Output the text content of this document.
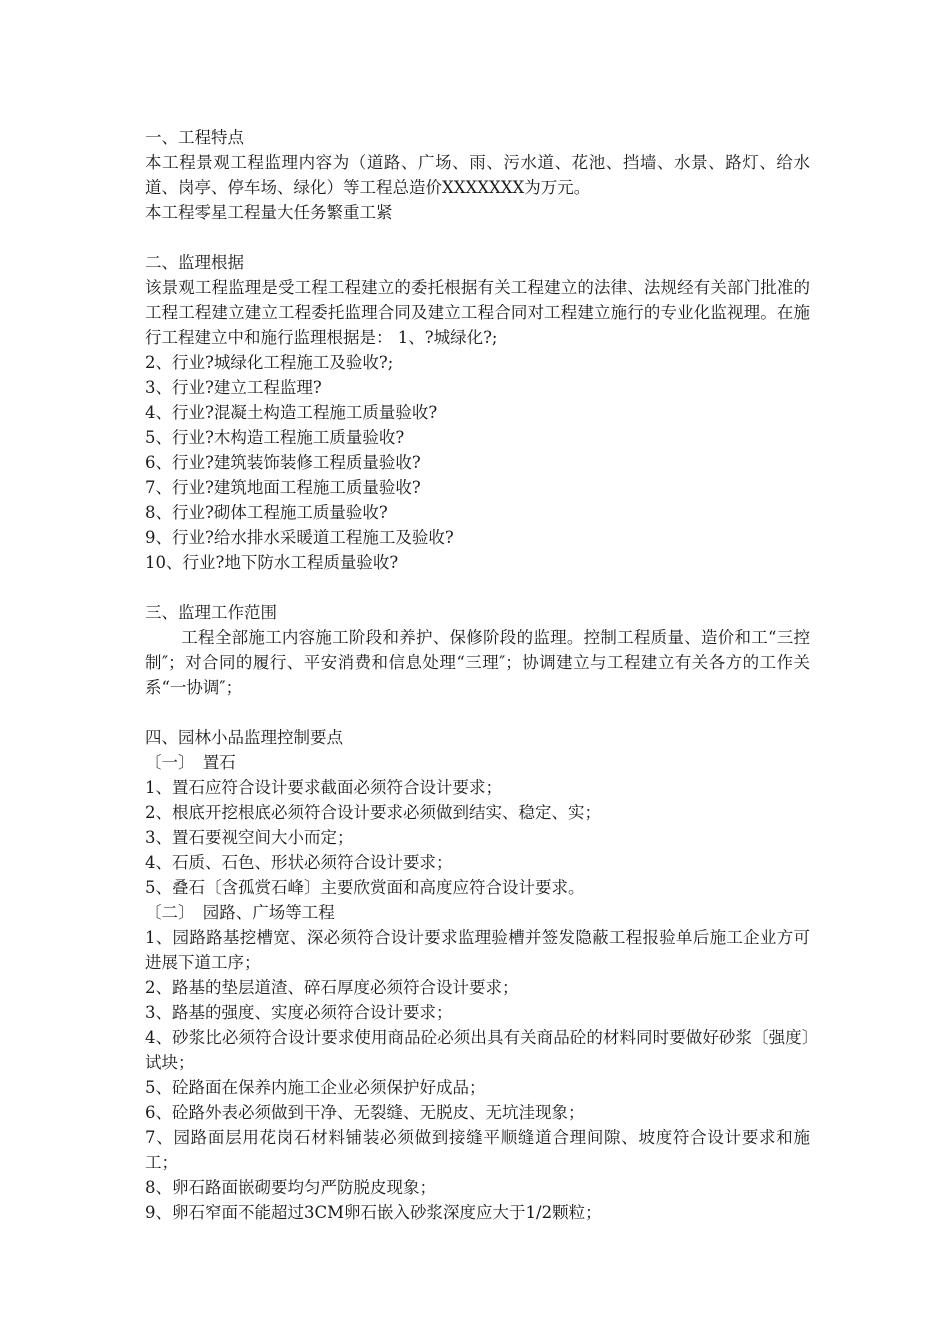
一、工程特点
本工程景观工程监理内容为（道路、广场、雨、污水道、花池、挡墙、水景、路灯、给水道、岗亭、停车场、绿化）等工程总造价XXXXXXX为万元。
本工程零星工程量大任务繁重工紧
二、监理根据
该景观工程监理是受工程工程建立的委托根据有关工程建立的法律、法规经有关部门批准的工程工程建立建立工程委托监理合同及建立工程合同对工程建立施行的专业化监视理。在施行工程建立中和施行监理根据是： 1、?城绿化?;
2、行业?城绿化工程施工及验收?;
3、行业?建立工程监理?
4、行业?混凝土构造工程施工质量验收?
5、行业?木构造工程施工质量验收?
6、行业?建筑装饰装修工程质量验收?
7、行业?建筑地面工程施工质量验收?
8、行业?砌体工程施工质量验收?
9、行业?给水排水采暖道工程施工及验收?
10、行业?地下防水工程质量验收?
三、监理工作范围
工程全部施工内容施工阶段和养护、保修阶段的监理。控制工程质量、造价和工“三控制″；对合同的履行、平安消费和信息处理“三理″；协调建立与工程建立有关各方的工作关系“一协调″；
四、园林小品监理控制要点
〔一〕　置石
1、置石应符合设计要求截面必须符合设计要求；
2、根底开挖根底必须符合设计要求必须做到结实、稳定、实；
3、置石要视空间大小而定；
4、石质、石色、形状必须符合设计要求；
5、叠石〔含孤赏石峰〕主要欣赏面和高度应符合设计要求。
〔二〕　园路、广场等工程
1、园路路基挖槽宽、深必须符合设计要求监理验槽并签发隐蔽工程报验单后施工企业方可进展下道工序；
2、路基的垫层道渣、碎石厚度必须符合设计要求；
3、路基的强度、实度必须符合设计要求；
4、砂浆比必须符合设计要求使用商品砼必须出具有关商品砼的材料同时要做好砂浆〔强度〕试块；
5、砼路面在保养内施工企业必须保护好成品；
6、砼路外表必须做到干净、无裂缝、无脱皮、无坑洼现象；
7、园路面层用花岗石材料铺装必须做到接缝平顺缝道合理间隙、坡度符合设计要求和施工；
8、卵石路面嵌砌要均匀严防脱皮现象；
9、卵石窄面不能超过3CM卵石嵌入砂浆深度应大于1/2颗粒；
